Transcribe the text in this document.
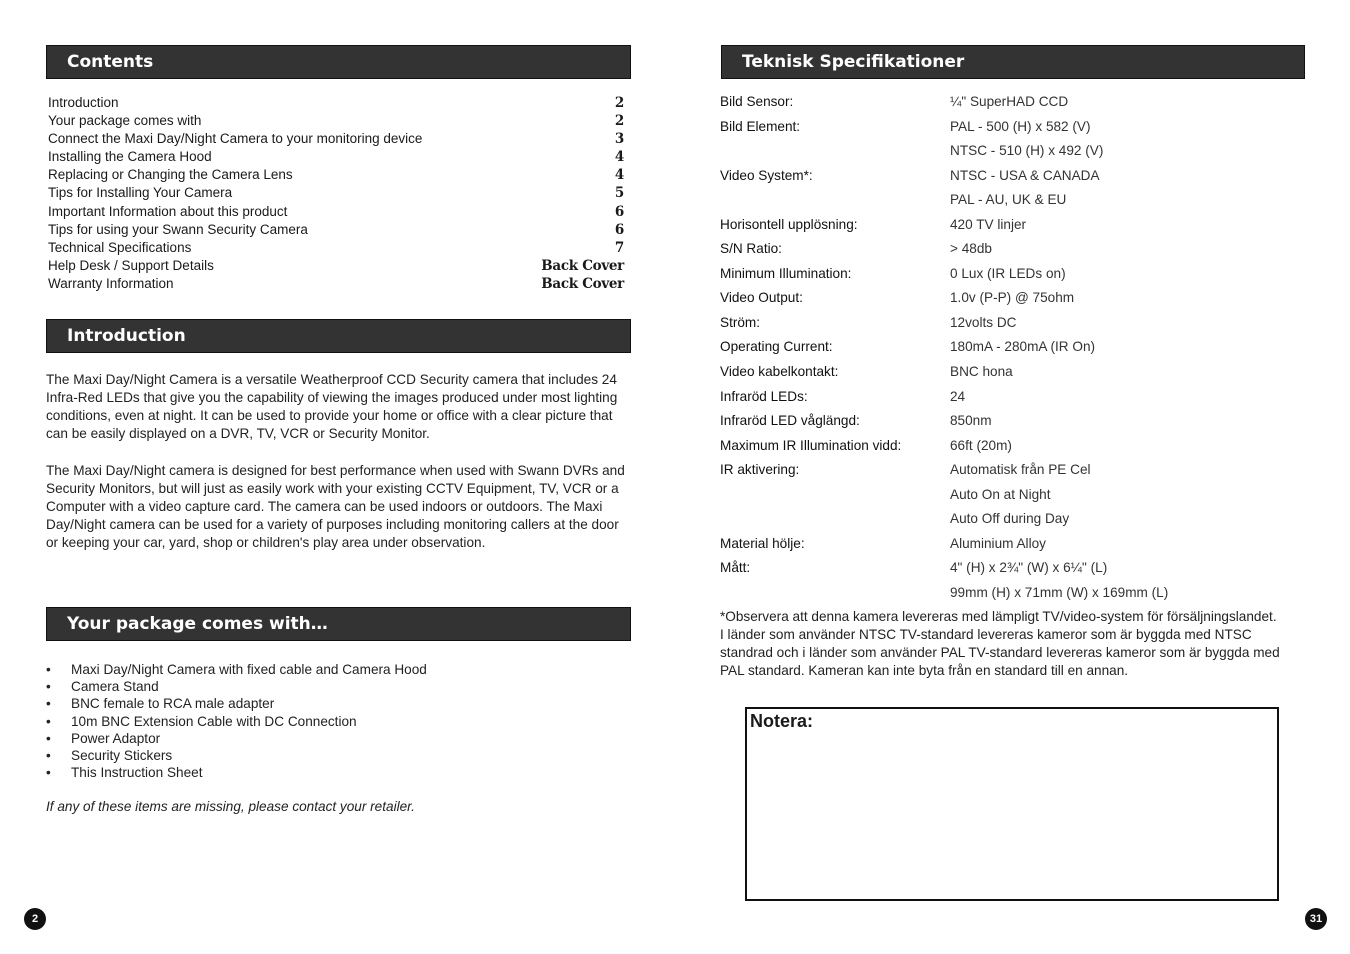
Contents
Introduction	2
Your package comes with	2
Connect the Maxi Day/Night Camera to your monitoring device	3
Installing the Camera Hood	4
Replacing or Changing the Camera Lens	4
Tips for Installing Your Camera	5
Important Information about this product	6
Tips for using your Swann Security Camera	6
Technical Specifications	7
Help Desk / Support Details	Back Cover
Warranty Information	Back Cover
Introduction
The Maxi Day/Night Camera is a versatile Weatherproof CCD Security camera that includes 24 Infra-Red LEDs that give you the capability of viewing the images produced under most lighting conditions, even at night. It can be used to provide your home or office with a clear picture that can be easily displayed on a DVR, TV, VCR or Security Monitor.
The Maxi Day/Night camera is designed for best performance when used with Swann DVRs and Security Monitors, but will just as easily work with your existing CCTV Equipment, TV, VCR or a Computer with a video capture card. The camera can be used indoors or outdoors. The Maxi Day/Night camera can be used for a variety of purposes including monitoring callers at the door or keeping your car, yard, shop or children's play area under observation.
Your package comes with…
•	Maxi Day/Night Camera with fixed cable and Camera Hood
•	Camera Stand
•	BNC female to RCA male adapter
•	10m BNC Extension Cable with DC Connection
•	Power Adaptor
•	Security Stickers
•	This Instruction Sheet
If any of these items are missing, please contact your retailer.
2
Teknisk Specifikationer
Bild Sensor:	¼" SuperHAD CCD
Bild Element:	PAL - 500 (H) x 582 (V)
NTSC - 510 (H) x 492 (V)
Video System*:	NTSC - USA & CANADA
PAL - AU, UK & EU
Horisontell upplösning:	420 TV linjer
S/N Ratio:	> 48db
Minimum Illumination:	0 Lux (IR LEDs on)
Video Output:	1.0v (P-P) @ 75ohm
Ström:	12volts DC
Operating Current:	180mA - 280mA (IR On)
Video kabelkontakt:	BNC hona
Infraröd LEDs:	24
Infraröd LED våglängd:	850nm
Maximum IR Illumination vidd:	66ft (20m)
IR aktivering:	Automatisk från PE Cel
Auto On at Night
Auto Off during Day
Material hölje:	Aluminium Alloy
Mått:	4" (H) x 2¾" (W) x 6¼" (L)
99mm (H) x 71mm (W) x 169mm (L)
*Observera att denna kamera levereras med lämpligt TV/video-system för försäljningslandet.
I länder som använder NTSC TV-standard levereras kameror som är byggda med NTSC standrad och i länder som använder PAL TV-standard levereras kameror som är byggda med PAL standard. Kameran kan inte byta från en standard till en annan.
Notera:
31
